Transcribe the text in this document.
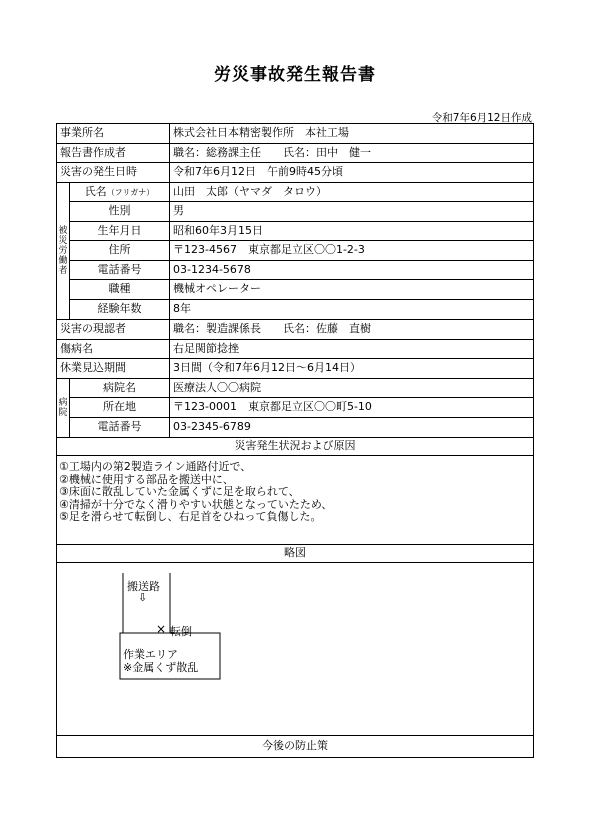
労災事故発生報告書
令和7年6月12日作成
事業所名	株式会社日本精密製作所　本社工場
報告書作成者	職名：総務課主任　　氏名：田中　健一
災害の発生日時	令和7年6月12日　午前9時45分頃
被
災
労
働
者
氏名（フリガナ）	山田　太郎（ヤマダ　タロウ）
性別	男
生年月日	昭和60年3月15日
住所	〒123-4567　東京都足立区〇〇1-2-3
電話番号	03-1234-5678
職種	機械オペレーター
経験年数	8年
災害の現認者	職名：製造課係長　　氏名：佐藤　直樹
傷病名	右足関節捻挫
休業見込期間	3日間（令和7年6月12日～6月14日）
病
院
病院名	医療法人〇〇病院
所在地	〒123-0001　東京都足立区〇〇町5-10
電話番号	03-2345-6789
災害発生状況および原因
①工場内の第2製造ライン通路付近で、
②機械に使用する部品を搬送中に、
③床面に散乱していた金属くずに足を取られて、
④清掃が十分でなく滑りやすい状態となっていたため、
⑤足を滑らせて転倒し、右足首をひねって負傷した。
略図
搬送路
⇩
× 転倒
作業エリア
※金属くず散乱
今後の防止策
